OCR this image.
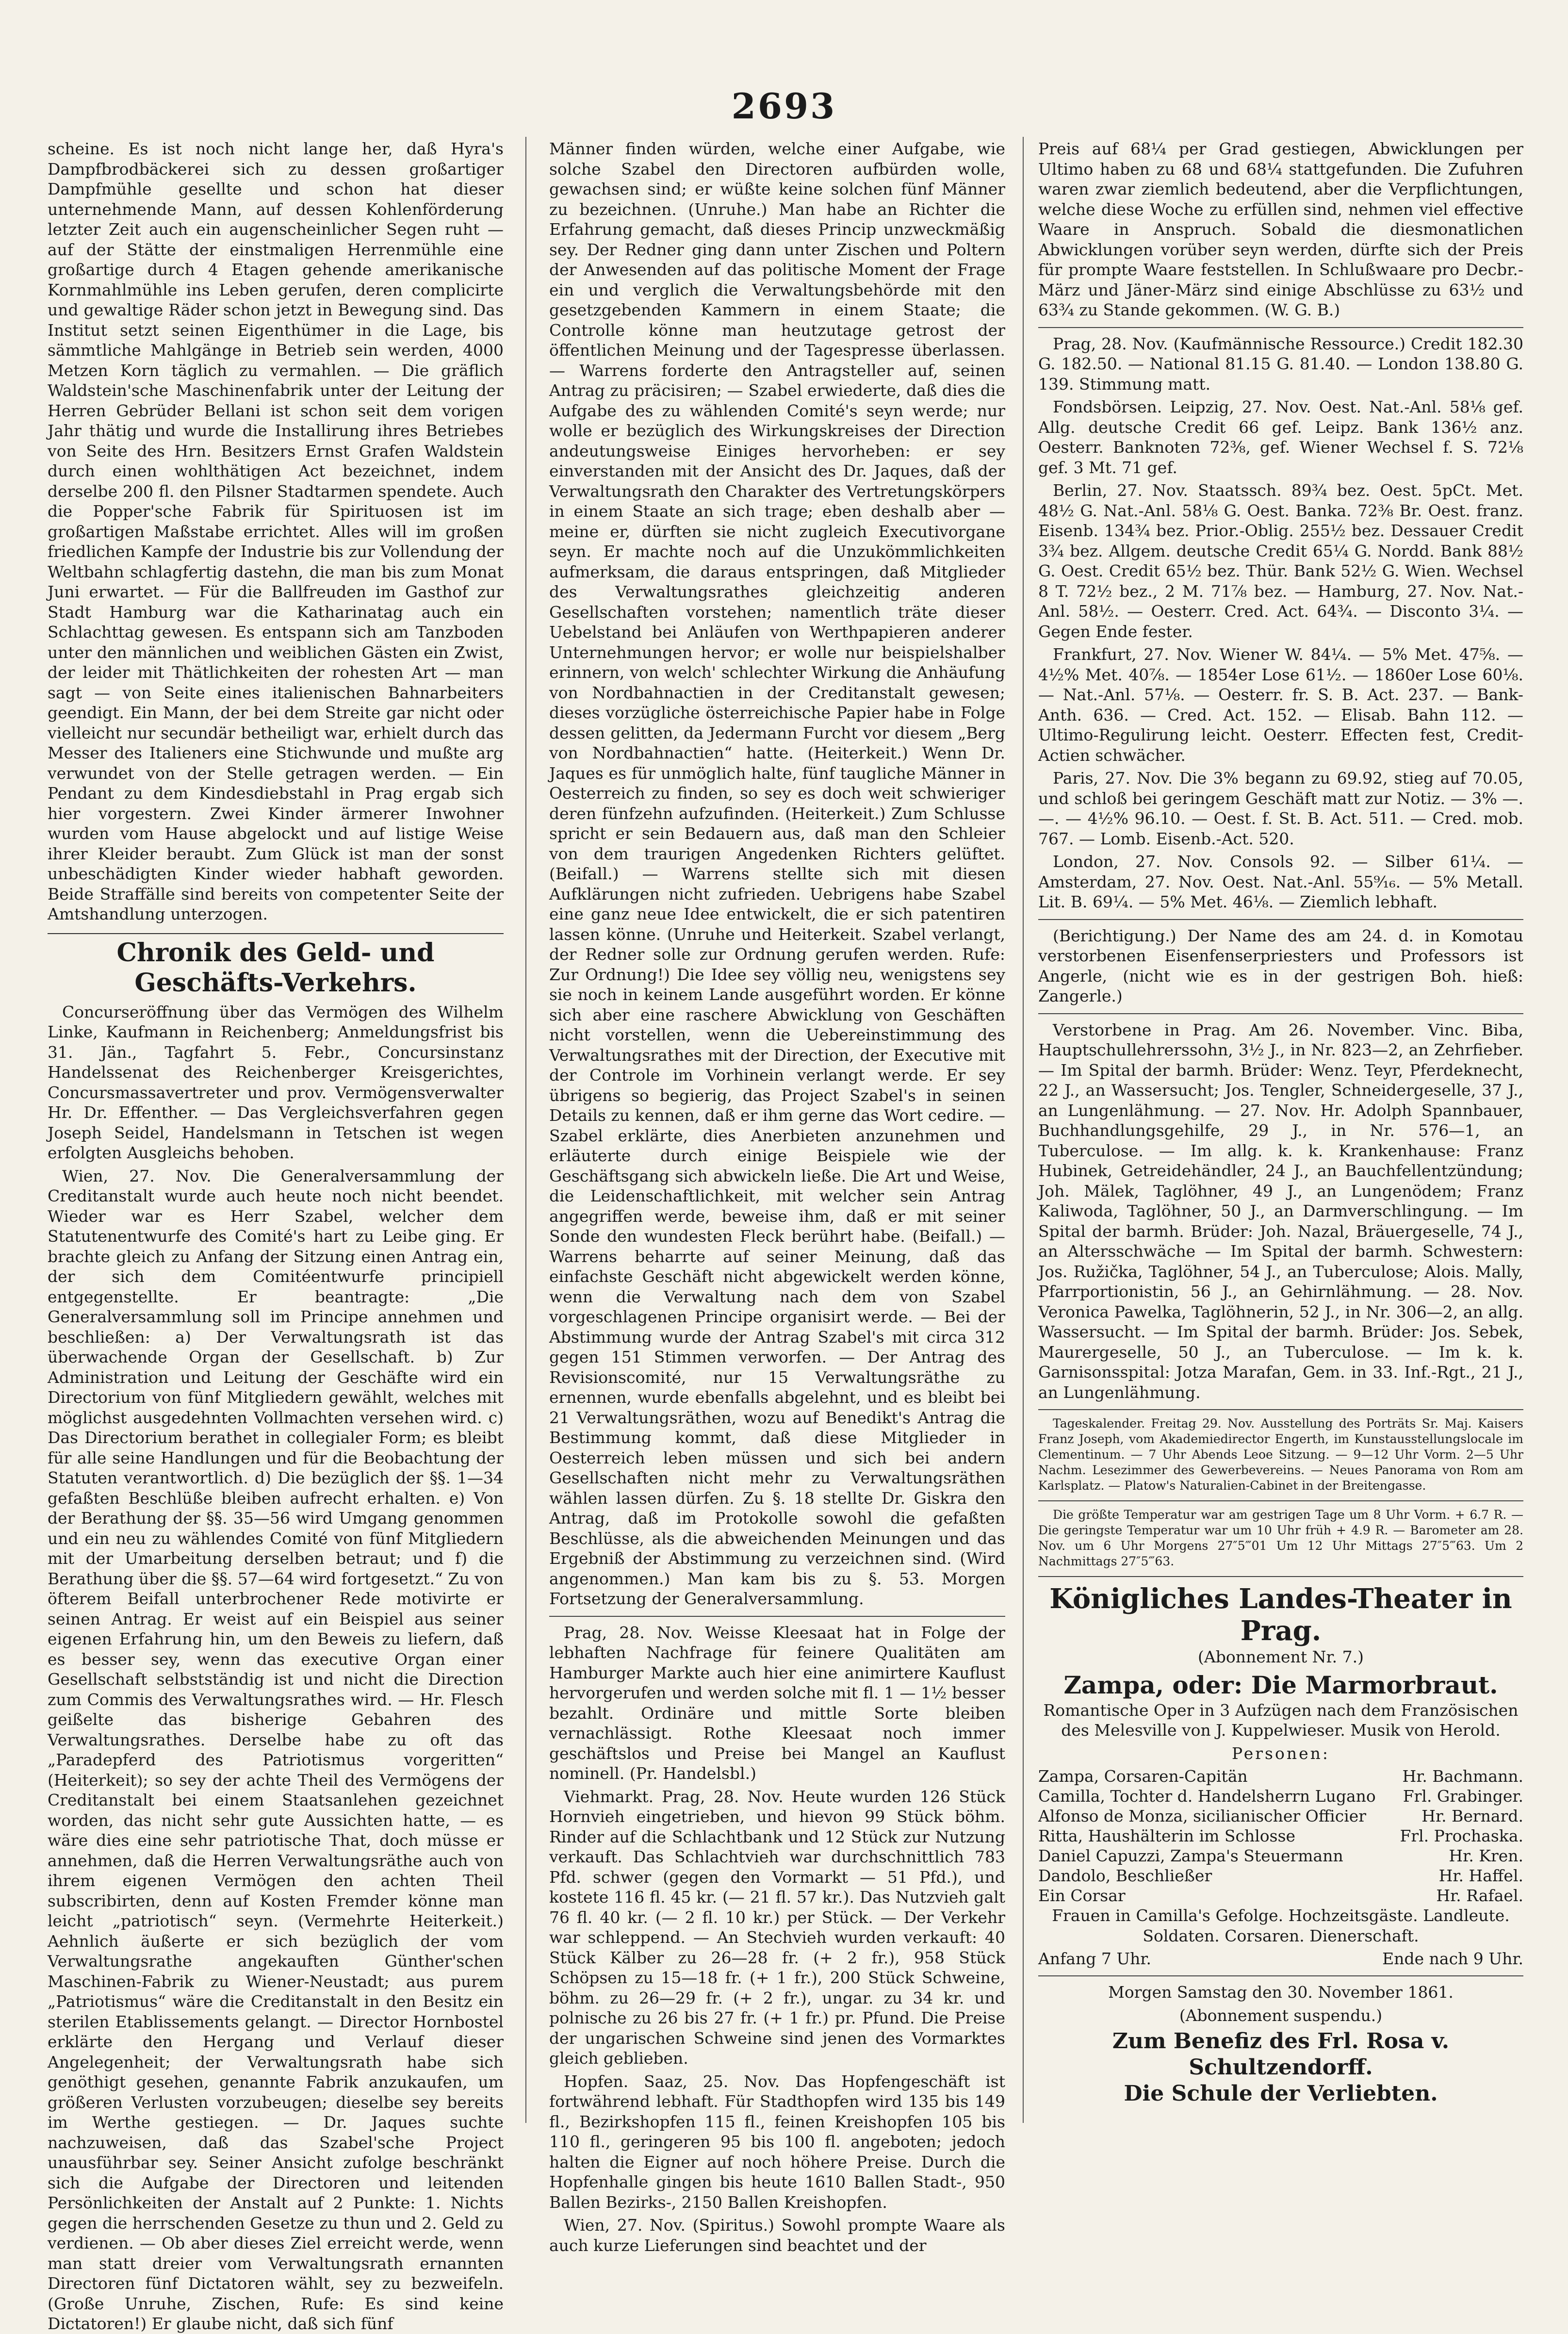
2693

scheine. Es ist noch nicht lange her, daß Hyra's Dampfbrodbäckerei sich zu dessen großartiger Dampfmühle gesellte und schon hat dieser unternehmende Mann, auf dessen Kohlenförderung letzter Zeit auch ein augenscheinlicher Segen ruht — auf der Stätte der einstmaligen Herrenmühle eine großartige durch 4 Etagen gehende amerikanische Kornmahlmühle ins Leben gerufen, deren complicirte und gewaltige Räder schon jetzt in Bewegung sind. Das Institut setzt seinen Eigenthümer in die Lage, bis sämmtliche Mahlgänge in Betrieb sein werden, 4000 Metzen Korn täglich zu vermahlen. — Die gräflich Waldstein'sche Maschinenfabrik unter der Leitung der Herren Gebrüder Bellani ist schon seit dem vorigen Jahr thätig und wurde die Installirung ihres Betriebes von Seite des Hrn. Besitzers Ernst Grafen Waldstein durch einen wohlthätigen Act bezeichnet, indem derselbe 200 fl. den Pilsner Stadtarmen spendete. Auch die Popper'sche Fabrik für Spirituosen ist im großartigen Maßstabe errichtet. Alles will im großen friedlichen Kampfe der Industrie bis zur Vollendung der Weltbahn schlagfertig dastehn, die man bis zum Monat Juni erwartet. — Für die Ballfreuden im Gasthof zur Stadt Hamburg war die Katharinatag auch ein Schlachttag gewesen. Es entspann sich am Tanzboden unter den männlichen und weiblichen Gästen ein Zwist, der leider mit Thätlichkeiten der rohesten Art — man sagt — von Seite eines italienischen Bahnarbeiters geendigt. Ein Mann, der bei dem Streite gar nicht oder vielleicht nur secundär betheiligt war, erhielt durch das Messer des Italieners eine Stichwunde und mußte arg verwundet von der Stelle getragen werden. — Ein Pendant zu dem Kindesdiebstahl in Prag ergab sich hier vorgestern. Zwei Kinder ärmerer Inwohner wurden vom Hause abgelockt und auf listige Weise ihrer Kleider beraubt. Zum Glück ist man der sonst unbeschädigten Kinder wieder habhaft geworden. Beide Straffälle sind bereits von competenter Seite der Amtshandlung unterzogen.

Chronik des Geld- und Geschäfts-Verkehrs.

Concurseröffnung über das Vermögen des Wilhelm Linke, Kaufmann in Reichenberg; Anmeldungsfrist bis 31. Jän., Tagfahrt 5. Febr., Concursinstanz Handelssenat des Reichenberger Kreisgerichtes, Concursmassavertreter und prov. Vermögensverwalter Hr. Dr. Effenther. — Das Vergleichsverfahren gegen Joseph Seidel, Handelsmann in Tetschen ist wegen erfolgten Ausgleichs behoben.

Wien, 27. Nov. Die Generalversammlung der Creditanstalt wurde auch heute noch nicht beendet. Wieder war es Herr Szabel, welcher dem Statutenentwurfe des Comité's hart zu Leibe ging. Er brachte gleich zu Anfang der Sitzung einen Antrag ein, der sich dem Comitéentwurfe principiell entgegenstellte. Er beantragte: „Die Generalversammlung soll im Principe annehmen und beschließen: a) Der Verwaltungsrath ist das überwachende Organ der Gesellschaft. b) Zur Administration und Leitung der Geschäfte wird ein Directorium von fünf Mitgliedern gewählt, welches mit möglichst ausgedehnten Vollmachten versehen wird. c) Das Directorium berathet in collegialer Form; es bleibt für alle seine Handlungen und für die Beobachtung der Statuten verantwortlich. d) Die bezüglich der §§. 1—34 gefaßten Beschlüße bleiben aufrecht erhalten. e) Von der Berathung der §§. 35—56 wird Umgang genommen und ein neu zu wählendes Comité von fünf Mitgliedern mit der Umarbeitung derselben betraut; und f) die Berathung über die §§. 57—64 wird fortgesetzt.“ Zu von öfterem Beifall unterbrochener Rede motivirte er seinen Antrag. Er weist auf ein Beispiel aus seiner eigenen Erfahrung hin, um den Beweis zu liefern, daß es besser sey, wenn das executive Organ einer Gesellschaft selbstständig ist und nicht die Direction zum Commis des Verwaltungsrathes wird. — Hr. Flesch geißelte das bisherige Gebahren des Verwaltungsrathes. Derselbe habe zu oft das „Paradepferd des Patriotismus vorgeritten“ (Heiterkeit); so sey der achte Theil des Vermögens der Creditanstalt bei einem Staatsanlehen gezeichnet worden, das nicht sehr gute Aussichten hatte, — es wäre dies eine sehr patriotische That, doch müsse er annehmen, daß die Herren Verwaltungsräthe auch von ihrem eigenen Vermögen den achten Theil subscribirten, denn auf Kosten Fremder könne man leicht „patriotisch“ seyn. (Vermehrte Heiterkeit.) Aehnlich äußerte er sich bezüglich der vom Verwaltungsrathe angekauften Günther'schen Maschinen-Fabrik zu Wiener-Neustadt; aus purem „Patriotismus“ wäre die Creditanstalt in den Besitz ein sterilen Etablissements gelangt. — Director Hornbostel erklärte den Hergang und Verlauf dieser Angelegenheit; der Verwaltungsrath habe sich genöthigt gesehen, genannte Fabrik anzukaufen, um größeren Verlusten vorzubeugen; dieselbe sey bereits im Werthe gestiegen. — Dr. Jaques suchte nachzuweisen, daß das Szabel'sche Project unausführbar sey. Seiner Ansicht zufolge beschränkt sich die Aufgabe der Directoren und leitenden Persönlichkeiten der Anstalt auf 2 Punkte: 1. Nichts gegen die herrschenden Gesetze zu thun und 2. Geld zu verdienen. — Ob aber dieses Ziel erreicht werde, wenn man statt dreier vom Verwaltungsrath ernannten Directoren fünf Dictatoren wählt, sey zu bezweifeln. (Große Unruhe, Zischen, Rufe: Es sind keine Dictatoren!) Er glaube nicht, daß sich fünf

Männer finden würden, welche einer Aufgabe, wie solche Szabel den Directoren aufbürden wolle, gewachsen sind; er wüßte keine solchen fünf Männer zu bezeichnen. (Unruhe.) Man habe an Richter die Erfahrung gemacht, daß dieses Princip unzweckmäßig sey. Der Redner ging dann unter Zischen und Poltern der Anwesenden auf das politische Moment der Frage ein und verglich die Verwaltungsbehörde mit den gesetzgebenden Kammern in einem Staate; die Controlle könne man heutzutage getrost der öffentlichen Meinung und der Tagespresse überlassen. — Warrens forderte den Antragsteller auf, seinen Antrag zu präcisiren; — Szabel erwiederte, daß dies die Aufgabe des zu wählenden Comité's seyn werde; nur wolle er bezüglich des Wirkungskreises der Direction andeutungsweise Einiges hervorheben: er sey einverstanden mit der Ansicht des Dr. Jaques, daß der Verwaltungsrath den Charakter des Vertretungskörpers in einem Staate an sich trage; eben deshalb aber — meine er, dürften sie nicht zugleich Executivorgane seyn. Er machte noch auf die Unzukömmlichkeiten aufmerksam, die daraus entspringen, daß Mitglieder des Verwaltungsrathes gleichzeitig anderen Gesellschaften vorstehen; namentlich träte dieser Uebelstand bei Anläufen von Werthpapieren anderer Unternehmungen hervor; er wolle nur beispielshalber erinnern, von welch' schlechter Wirkung die Anhäufung von Nordbahnactien in der Creditanstalt gewesen; dieses vorzügliche österreichische Papier habe in Folge dessen gelitten, da Jedermann Furcht vor diesem „Berg von Nordbahnactien“ hatte. (Heiterkeit.) Wenn Dr. Jaques es für unmöglich halte, fünf taugliche Männer in Oesterreich zu finden, so sey es doch weit schwieriger deren fünfzehn aufzufinden. (Heiterkeit.) Zum Schlusse spricht er sein Bedauern aus, daß man den Schleier von dem traurigen Angedenken Richters gelüftet. (Beifall.) — Warrens stellte sich mit diesen Aufklärungen nicht zufrieden. Uebrigens habe Szabel eine ganz neue Idee entwickelt, die er sich patentiren lassen könne. (Unruhe und Heiterkeit. Szabel verlangt, der Redner solle zur Ordnung gerufen werden. Rufe: Zur Ordnung!) Die Idee sey völlig neu, wenigstens sey sie noch in keinem Lande ausgeführt worden. Er könne sich aber eine raschere Abwicklung von Geschäften nicht vorstellen, wenn die Uebereinstimmung des Verwaltungsrathes mit der Direction, der Executive mit der Controle im Vorhinein verlangt werde. Er sey übrigens so begierig, das Project Szabel's in seinen Details zu kennen, daß er ihm gerne das Wort cedire. — Szabel erklärte, dies Anerbieten anzunehmen und erläuterte durch einige Beispiele wie der Geschäftsgang sich abwickeln ließe. Die Art und Weise, die Leidenschaftlichkeit, mit welcher sein Antrag angegriffen werde, beweise ihm, daß er mit seiner Sonde den wundesten Fleck berührt habe. (Beifall.) — Warrens beharrte auf seiner Meinung, daß das einfachste Geschäft nicht abgewickelt werden könne, wenn die Verwaltung nach dem von Szabel vorgeschlagenen Principe organisirt werde. — Bei der Abstimmung wurde der Antrag Szabel's mit circa 312 gegen 151 Stimmen verworfen. — Der Antrag des Revisionscomité, nur 15 Verwaltungsräthe zu ernennen, wurde ebenfalls abgelehnt, und es bleibt bei 21 Verwaltungsräthen, wozu auf Benedikt's Antrag die Bestimmung kommt, daß diese Mitglieder in Oesterreich leben müssen und sich bei andern Gesellschaften nicht mehr zu Verwaltungsräthen wählen lassen dürfen. Zu §. 18 stellte Dr. Giskra den Antrag, daß im Protokolle sowohl die gefaßten Beschlüsse, als die abweichenden Meinungen und das Ergebniß der Abstimmung zu verzeichnen sind. (Wird angenommen.) Man kam bis zu §. 53. Morgen Fortsetzung der Generalversammlung.

Prag, 28. Nov. Weisse Kleesaat hat in Folge der lebhaften Nachfrage für feinere Qualitäten am Hamburger Markte auch hier eine animirtere Kauflust hervorgerufen und werden solche mit fl. 1 — 1½ besser bezahlt. Ordinäre und mittle Sorte bleiben vernachlässigt. Rothe Kleesaat noch immer geschäftslos und Preise bei Mangel an Kauflust nominell. (Pr. Handelsbl.)

Viehmarkt. Prag, 28. Nov. Heute wurden 126 Stück Hornvieh eingetrieben, und hievon 99 Stück böhm. Rinder auf die Schlachtbank und 12 Stück zur Nutzung verkauft. Das Schlachtvieh war durchschnittlich 783 Pfd. schwer (gegen den Vormarkt — 51 Pfd.), und kostete 116 fl. 45 kr. (— 21 fl. 57 kr.). Das Nutzvieh galt 76 fl. 40 kr. (— 2 fl. 10 kr.) per Stück. — Der Verkehr war schleppend. — An Stechvieh wurden verkauft: 40 Stück Kälber zu 26—28 fr. (+ 2 fr.), 958 Stück Schöpsen zu 15—18 fr. (+ 1 fr.), 200 Stück Schweine, böhm. zu 26—29 fr. (+ 2 fr.), ungar. zu 34 kr. und polnische zu 26 bis 27 fr. (+ 1 fr.) pr. Pfund. Die Preise der ungarischen Schweine sind jenen des Vormarktes gleich geblieben.

Hopfen. Saaz, 25. Nov. Das Hopfengeschäft ist fortwährend lebhaft. Für Stadthopfen wird 135 bis 149 fl., Bezirkshopfen 115 fl., feinen Kreishopfen 105 bis 110 fl., geringeren 95 bis 100 fl. angeboten; jedoch halten die Eigner auf noch höhere Preise. Durch die Hopfenhalle gingen bis heute 1610 Ballen Stadt-, 950 Ballen Bezirks-, 2150 Ballen Kreishopfen.

Wien, 27. Nov. (Spiritus.) Sowohl prompte Waare als auch kurze Lieferungen sind beachtet und der

Preis auf 68¼ per Grad gestiegen, Abwicklungen per Ultimo haben zu 68 und 68¼ stattgefunden. Die Zufuhren waren zwar ziemlich bedeutend, aber die Verpflichtungen, welche diese Woche zu erfüllen sind, nehmen viel effective Waare in Anspruch. Sobald die diesmonatlichen Abwicklungen vorüber seyn werden, dürfte sich der Preis für prompte Waare feststellen. In Schlußwaare pro Decbr.-März und Jäner-März sind einige Abschlüsse zu 63½ und 63¾ zu Stande gekommen. (W. G. B.)

Prag, 28. Nov. (Kaufmännische Ressource.) Credit 182.30 G. 182.50. — National 81.15 G. 81.40. — London 138.80 G. 139. Stimmung matt.

Fondsbörsen. Leipzig, 27. Nov. Oest. Nat.-Anl. 58⅛ gef. Allg. deutsche Credit 66 gef. Leipz. Bank 136½ anz. Oesterr. Banknoten 72⅜, gef. Wiener Wechsel f. S. 72⅛ gef. 3 Mt. 71 gef.

Berlin, 27. Nov. Staatssch. 89¾ bez. Oest. 5pCt. Met. 48½ G. Nat.-Anl. 58⅛ G. Oest. Banka. 72⅜ Br. Oest. franz. Eisenb. 134¾ bez. Prior.-Oblig. 255½ bez. Dessauer Credit 3¾ bez. Allgem. deutsche Credit 65¼ G. Nordd. Bank 88½ G. Oest. Credit 65½ bez. Thür. Bank 52½ G. Wien. Wechsel 8 T. 72½ bez., 2 M. 71⅞ bez. — Hamburg, 27. Nov. Nat.-Anl. 58½. — Oesterr. Cred. Act. 64¾. — Disconto 3¼. — Gegen Ende fester.

Frankfurt, 27. Nov. Wiener W. 84¼. — 5% Met. 47⅝. — 4½% Met. 40⅞. — 1854er Lose 61½. — 1860er Lose 60⅛. — Nat.-Anl. 57⅛. — Oesterr. fr. S. B. Act. 237. — Bank-Anth. 636. — Cred. Act. 152. — Elisab. Bahn 112. — Ultimo-Regulirung leicht. Oesterr. Effecten fest, Credit-Actien schwächer.

Paris, 27. Nov. Die 3% begann zu 69.92, stieg auf 70.05, und schloß bei geringem Geschäft matt zur Notiz. — 3% —.—. — 4½% 96.10. — Oest. f. St. B. Act. 511. — Cred. mob. 767. — Lomb. Eisenb.-Act. 520.

London, 27. Nov. Consols 92. — Silber 61¼. — Amsterdam, 27. Nov. Oest. Nat.-Anl. 55⁹⁄₁₆. — 5% Metall. Lit. B. 69¼. — 5% Met. 46⅛. — Ziemlich lebhaft.

(Berichtigung.) Der Name des am 24. d. in Komotau verstorbenen Eisenfenserpriesters und Professors ist Angerle, (nicht wie es in der gestrigen Boh. hieß: Zangerle.)

Verstorbene in Prag. Am 26. November. Vinc. Biba, Hauptschullehrerssohn, 3½ J., in Nr. 823—2, an Zehrfieber. — Im Spital der barmh. Brüder: Wenz. Teyr, Pferdeknecht, 22 J., an Wassersucht; Jos. Tengler, Schneidergeselle, 37 J., an Lungenlähmung. — 27. Nov. Hr. Adolph Spannbauer, Buchhandlungsgehilfe, 29 J., in Nr. 576—1, an Tuberculose. — Im allg. k. k. Krankenhause: Franz Hubinek, Getreidehändler, 24 J., an Bauchfellentzündung; Joh. Mälek, Taglöhner, 49 J., an Lungenödem; Franz Kaliwoda, Taglöhner, 50 J., an Darmverschlingung. — Im Spital der barmh. Brüder: Joh. Nazal, Bräuergeselle, 74 J., an Altersschwäche — Im Spital der barmh. Schwestern: Jos. Ružička, Taglöhner, 54 J., an Tuberculose; Alois. Mally, Pfarrportionistin, 56 J., an Gehirnlähmung. — 28. Nov. Veronica Pawelka, Taglöhnerin, 52 J., in Nr. 306—2, an allg. Wassersucht. — Im Spital der barmh. Brüder: Jos. Sebek, Maurergeselle, 50 J., an Tuberculose. — Im k. k. Garnisonsspital: Jotza Marafan, Gem. in 33. Inf.-Rgt., 21 J., an Lungenlähmung.

Tageskalender. Freitag 29. Nov. Ausstellung des Porträts Sr. Maj. Kaisers Franz Joseph, vom Akademiedirector Engerth, im Kunstausstellungslocale im Clementinum. — 7 Uhr Abends Leoe Sitzung. — 9—12 Uhr Vorm. 2—5 Uhr Nachm. Lesezimmer des Gewerbevereins. — Neues Panorama von Rom am Karlsplatz. — Platow's Naturalien-Cabinet in der Breitengasse.

Die größte Temperatur war am gestrigen Tage um 8 Uhr Vorm. + 6.7 R. — Die geringste Temperatur war um 10 Uhr früh + 4.9 R. — Barometer am 28. Nov. um 6 Uhr Morgens 27″5‴01 Um 12 Uhr Mittags 27″5‴63. Um 2 Nachmittags 27″5‴63.

Königliches Landes-Theater in Prag.

(Abonnement Nr. 7.)

Zampa, oder: Die Marmorbraut.

Romantische Oper in 3 Aufzügen nach dem Französischen des Melesville von J. Kuppelwieser. Musik von Herold.

Personen:

Zampa, Corsaren-Capitän	Hr. Bachmann.
Camilla, Tochter d. Handelsherrn Lugano	Frl. Grabinger.
Alfonso de Monza, sicilianischer Officier	Hr. Bernard.
Ritta, Haushälterin im Schlosse	Frl. Prochaska.
Daniel Capuzzi, Zampa's Steuermann	Hr. Kren.
Dandolo, Beschließer	Hr. Haffel.
Ein Corsar	Hr. Rafael.

Frauen in Camilla's Gefolge. Hochzeitsgäste. Landleute. Soldaten. Corsaren. Dienerschaft.

Anfang 7 Uhr.	Ende nach 9 Uhr.

Morgen Samstag den 30. November 1861.

(Abonnement suspendu.)

Zum Benefiz des Frl. Rosa v. Schultzendorff.
Die Schule der Verliebten.
